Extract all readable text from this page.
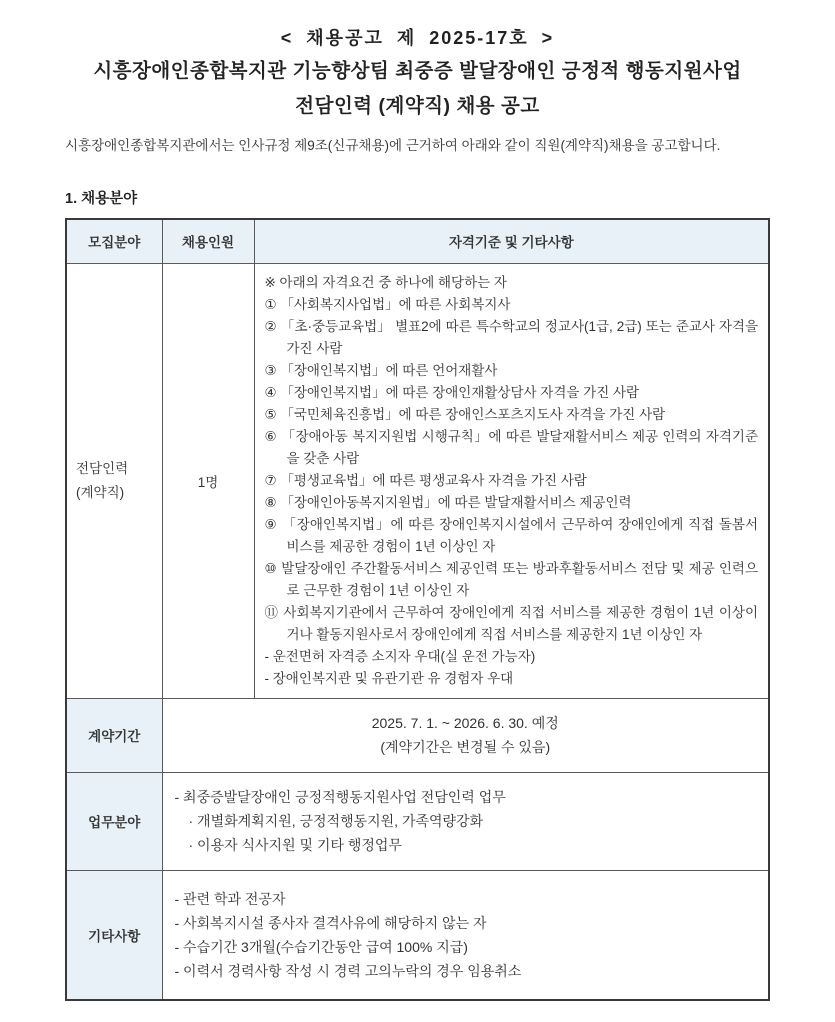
< 채용공고 제 2025-17호 >
시흥장애인종합복지관 기능향상팀 최중증 발달장애인 긍정적 행동지원사업
전담인력 (계약직) 채용 공고

시흥장애인종합복지관에서는 인사규정 제9조(신규채용)에 근거하여 아래와 같이 직원(계약직)채용을 공고합니다.

1. 채용분야
모집분야	채용인원	자격기준 및 기타사항

전담인력
(계약직)
	1명	
※ 아래의 자격요건 중 하나에 해당하는 자
① 「사회복지사업법」에 따른 사회복지사
② 「초·중등교육법」 별표2에 따른 특수학교의 정교사(1급, 2급) 또는 준교사 자격을 가진 사람
③ 「장애인복지법」에 따른 언어재활사
④ 「장애인복지법」에 따른 장애인재활상담사 자격을 가진 사람
⑤ 「국민체육진흥법」에 따른 장애인스포츠지도사 자격을 가진 사람
⑥ 「장애아동 복지지원법 시행규칙」에 따른 발달재활서비스 제공 인력의 자격기준을 갖춘 사람
⑦ 「평생교육법」에 따른 평생교육사 자격을 가진 사람
⑧ 「장애인아동복지지원법」에 따른 발달재활서비스 제공인력
⑨ 「장애인복지법」에 따른 장애인복지시설에서 근무하여 장애인에게 직접 돌봄서비스를 제공한 경험이 1년 이상인 자
⑩ 발달장애인 주간활동서비스 제공인력 또는 방과후활동서비스 전담 및 제공 인력으로 근무한 경험이 1년 이상인 자
⑪ 사회복지기관에서 근무하여 장애인에게 직접 서비스를 제공한 경험이 1년 이상이거나 활동지원사로서 장애인에게 직접 서비스를 제공한지 1년 이상인 자
- 운전면허 자격증 소지자 우대(실 운전 가능자)
- 장애인복지관 및 유관기관 유 경험자 우대

계약기간	2025. 7. 1. ~ 2026. 6. 30. 예정
(계약기간은 변경될 수 있음)	

업무분야	- 최중증발달장애인 긍정적행동지원사업 전담인력 업무
· 개별화계획지원, 긍정적행동지원, 가족역량강화
· 이용자 식사지원 및 기타 행정업무	

기타사항	- 관련 학과 전공자
- 사회복지시설 종사자 결격사유에 해당하지 않는 자
- 수습기간 3개월(수습기간동안 급여 100% 지급)
- 이력서 경력사항 작성 시 경력 고의누락의 경우 임용취소	
